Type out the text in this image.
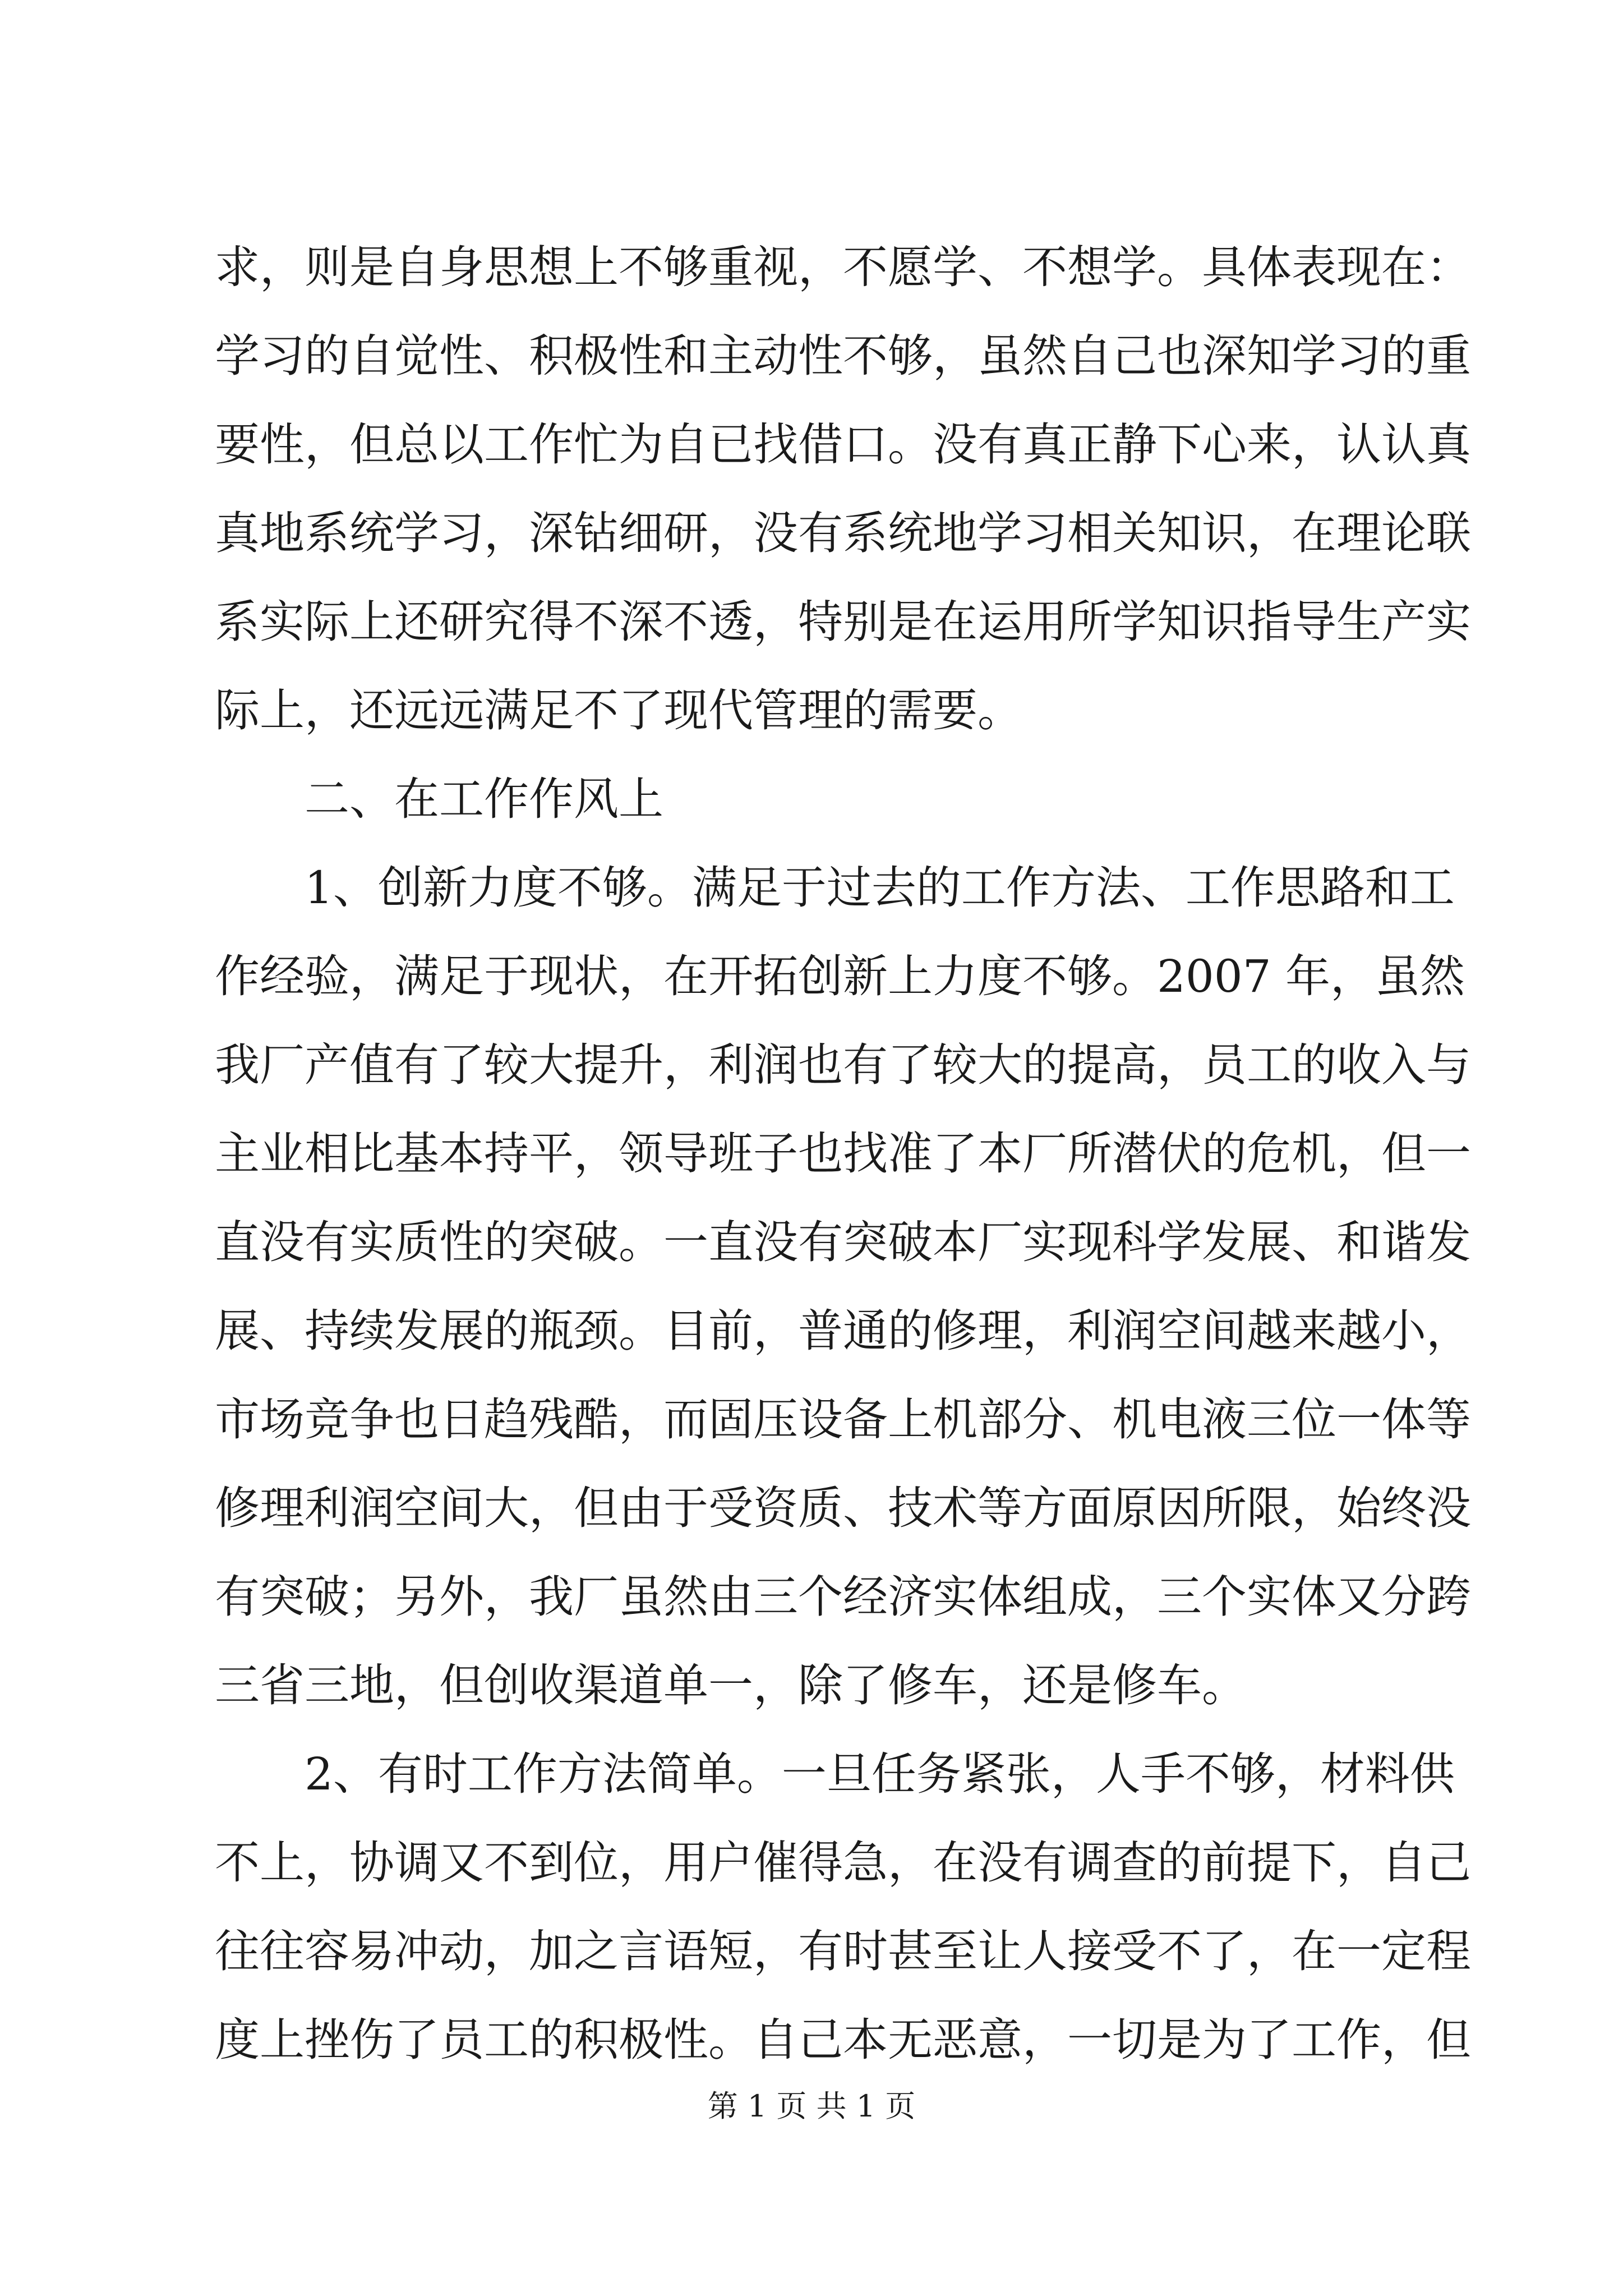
求，则是自身思想上不够重视，不愿学、不想学。具体表现在：
学习的自觉性、积极性和主动性不够，虽然自己也深知学习的重
要性，但总以工作忙为自已找借口。没有真正静下心来，认认真
真地系统学习，深钻细研，没有系统地学习相关知识，在理论联
系实际上还研究得不深不透，特别是在运用所学知识指导生产实
际上，还远远满足不了现代管理的需要。
二、在工作作风上
1、创新力度不够。满足于过去的工作方法、工作思路和工
作经验，满足于现状，在开拓创新上力度不够。2007 年，虽然
我厂产值有了较大提升，利润也有了较大的提高，员工的收入与
主业相比基本持平，领导班子也找准了本厂所潜伏的危机，但一
直没有实质性的突破。一直没有突破本厂实现科学发展、和谐发
展、持续发展的瓶颈。目前，普通的修理，利润空间越来越小，
市场竞争也日趋残酷，而固压设备上机部分、机电液三位一体等
修理利润空间大，但由于受资质、技术等方面原因所限，始终没
有突破；另外，我厂虽然由三个经济实体组成，三个实体又分跨
三省三地，但创收渠道单一，除了修车，还是修车。
2、有时工作方法简单。一旦任务紧张，人手不够，材料供
不上，协调又不到位，用户催得急，在没有调查的前提下，自己
往往容易冲动，加之言语短，有时甚至让人接受不了，在一定程
度上挫伤了员工的积极性。自己本无恶意，一切是为了工作，但
第 1 页 共 1 页
